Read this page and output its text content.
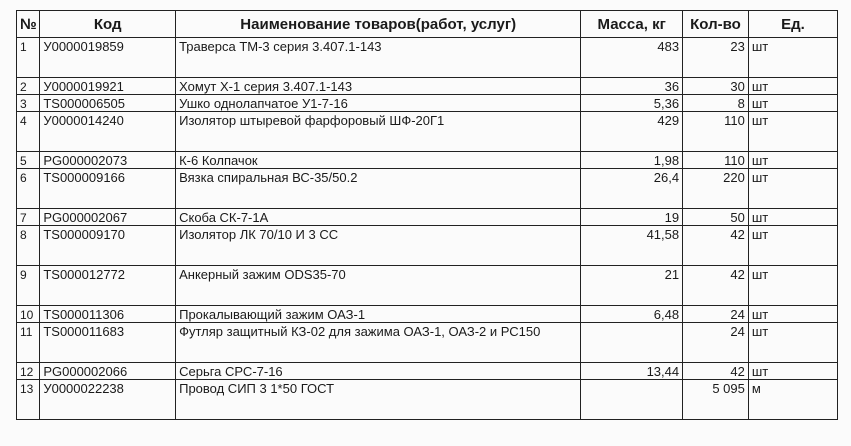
№	Код	Наименование товаров(работ, услуг)	Масса, кг	Кол-во	Ед.
1	У0000019859	Траверса ТМ-3 серия 3.407.1-143	483	23	шт
2	У0000019921	Хомут Х-1 серия 3.407.1-143	36	30	шт
3	TS000006505	Ушко однолапчатое У1-7-16	5,36	8	шт
4	У0000014240	Изолятор штыревой фарфоровый ШФ-20Г1	429	110	шт
5	PG000002073	К-6 Колпачок	1,98	110	шт
6	TS000009166	Вязка спиральная ВС-35/50.2	26,4	220	шт
7	PG000002067	Скоба СК-7-1А	19	50	шт
8	TS000009170	Изолятор ЛК 70/10 И 3 СС	41,58	42	шт
9	TS000012772	Анкерный зажим ODS35-70	21	42	шт
10	TS000011306	Прокалывающий зажим ОАЗ-1	6,48	24	шт
11	TS000011683	Футляр защитный КЗ-02 для зажима ОАЗ-1, ОАЗ-2 и РС150		24	шт
12	PG000002066	Серьга СРС-7-16	13,44	42	шт
13	У0000022238	Провод СИП 3 1*50 ГОСТ		5 095	м
